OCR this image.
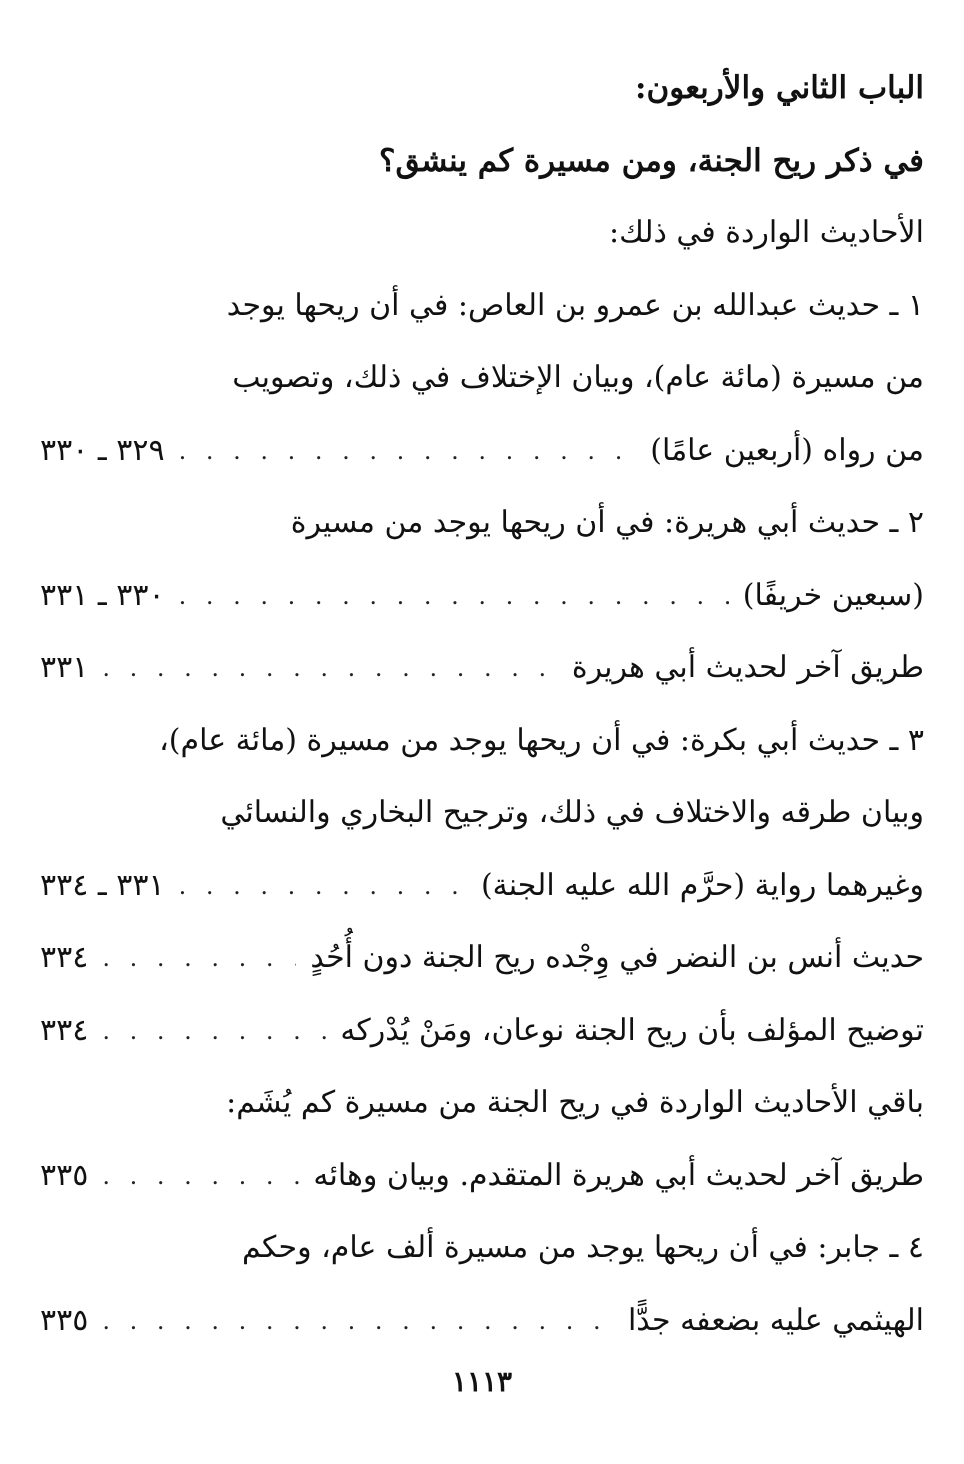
الباب الثاني والأربعون:
في ذكر ريح الجنة، ومن مسيرة كم ينشق؟
الأحاديث الواردة في ذلك:
١ ـ حديث عبدالله بن عمرو بن العاص: في أن ريحها يوجد
من مسيرة (مائة عام)، وبيان الإختلاف في ذلك، وتصويب
من رواه (أربعين عامًا)
. . .
٣٢٩ ـ ٣٣٠
٢ ـ حديث أبي هريرة: في أن ريحها يوجد من مسيرة
(سبعين خريفًا)
. . .
٣٣٠ ـ ٣٣١
طريق آخر لحديث أبي هريرة
. . .
٣٣١
٣ ـ حديث أبي بكرة: في أن ريحها يوجد من مسيرة (مائة عام)،
وبيان طرقه والاختلاف في ذلك، وترجيح البخاري والنسائي
وغيرهما رواية (حرَّم الله عليه الجنة)
. . .
٣٣١ ـ ٣٣٤
حديث أنس بن النضر في وِجْده ريح الجنة دون أُحُدٍ
. . .
٣٣٤
توضيح المؤلف بأن ريح الجنة نوعان، ومَنْ يُدْركه
. . .
٣٣٤
باقي الأحاديث الواردة في ريح الجنة من مسيرة كم يُشَم:
طريق آخر لحديث أبي هريرة المتقدم. وبيان وهائه
. . .
٣٣٥
٤ ـ جابر: في أن ريحها يوجد من مسيرة ألف عام، وحكم
الهيثمي عليه بضعفه جدًّا
. . .
٣٣٥
١١١٣
